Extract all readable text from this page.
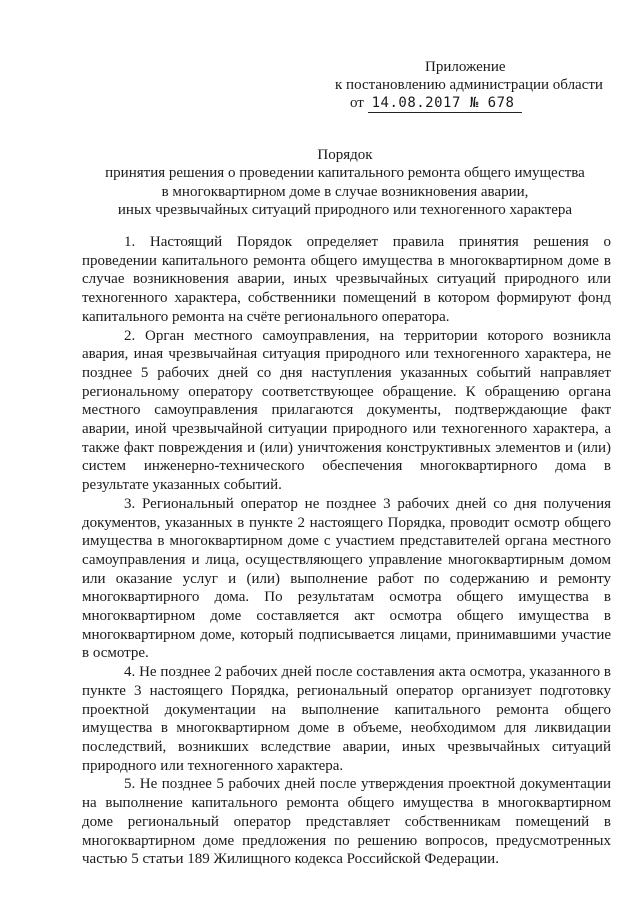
Приложение
к постановлению администрации области
от 14.08.2017 № 678
Порядок
принятия решения о проведении капитального ремонта общего имущества
в многоквартирном доме в случае возникновения аварии,
иных чрезвычайных ситуаций природного или техногенного характера

1. Настоящий Порядок определяет правила принятия решения о проведении капитального ремонта общего имущества в многоквартирном доме в случае возникновения аварии, иных чрезвычайных ситуаций природного или техногенного характера, собственники помещений в котором формируют фонд капитального ремонта на счёте регионального оператора.

2. Орган местного самоуправления, на территории которого возникла авария, иная чрезвычайная ситуация природного или техногенного характера, не позднее 5 рабочих дней со дня наступления указанных событий направляет региональному оператору соответствующее обращение. К обращению органа местного самоуправления прилагаются документы, подтверждающие факт аварии, иной чрезвычайной ситуации природного или техногенного характера, а также факт повреждения и (или) уничтожения конструктивных элементов и (или) систем инженерно-технического обеспечения многоквартирного дома в результате указанных событий.

3. Региональный оператор не позднее 3 рабочих дней со дня получения документов, указанных в пункте 2 настоящего Порядка, проводит осмотр общего имущества в многоквартирном доме с участием представителей органа местного самоуправления и лица, осуществляющего управление многоквартирным домом или оказание услуг и (или) выполнение работ по содержанию и ремонту многоквартирного дома. По результатам осмотра общего имущества в многоквартирном доме составляется акт осмотра общего имущества в многоквартирном доме, который подписывается лицами, принимавшими участие в осмотре.

4. Не позднее 2 рабочих дней после составления акта осмотра, указанного в пункте 3 настоящего Порядка, региональный оператор организует подготовку проектной документации на выполнение капитального ремонта общего имущества в многоквартирном доме в объеме, необходимом для ликвидации последствий, возникших вследствие аварии, иных чрезвычайных ситуаций природного или техногенного характера.

5. Не позднее 5 рабочих дней после утверждения проектной документации на выполнение капитального ремонта общего имущества в многоквартирном доме региональный оператор представляет собственникам помещений в многоквартирном доме предложения по решению вопросов, предусмотренных частью 5 статьи 189 Жилищного кодекса Российской Федерации.
